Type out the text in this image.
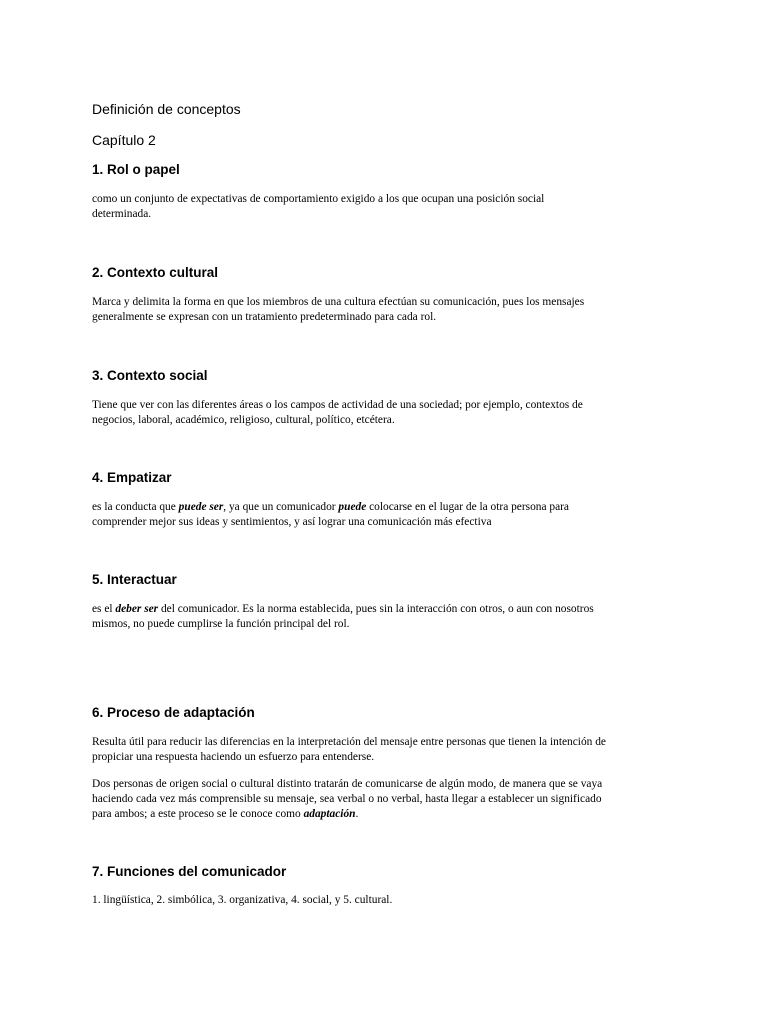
Definición de conceptos
Capítulo 2
1. Rol o papel
como un conjunto de expectativas de comportamiento exigido a los que ocupan una posición social
determinada.
2. Contexto cultural
Marca y delimita la forma en que los miembros de una cultura efectúan su comunicación, pues los mensajes
generalmente se expresan con un tratamiento predeterminado para cada rol.
3. Contexto social
Tiene que ver con las diferentes áreas o los campos de actividad de una sociedad; por ejemplo, contextos de
negocios, laboral, académico, religioso, cultural, político, etcétera.
4. Empatizar
es la conducta que puede ser, ya que un comunicador puede colocarse en el lugar de la otra persona para
comprender mejor sus ideas y sentimientos, y así lograr una comunicación más efectiva
5. Interactuar
es el deber ser del comunicador. Es la norma establecida, pues sin la interacción con otros, o aun con nosotros
mismos, no puede cumplirse la función principal del rol.
6. Proceso de adaptación
Resulta útil para reducir las diferencias en la interpretación del mensaje entre personas que tienen la intención de
propiciar una respuesta haciendo un esfuerzo para entenderse.
Dos personas de origen social o cultural distinto tratarán de comunicarse de algún modo, de manera que se vaya
haciendo cada vez más comprensible su mensaje, sea verbal o no verbal, hasta llegar a establecer un significado
para ambos; a este proceso se le conoce como adaptación.
7. Funciones del comunicador
1. lingüística, 2. simbólica, 3. organizativa, 4. social, y 5. cultural.
